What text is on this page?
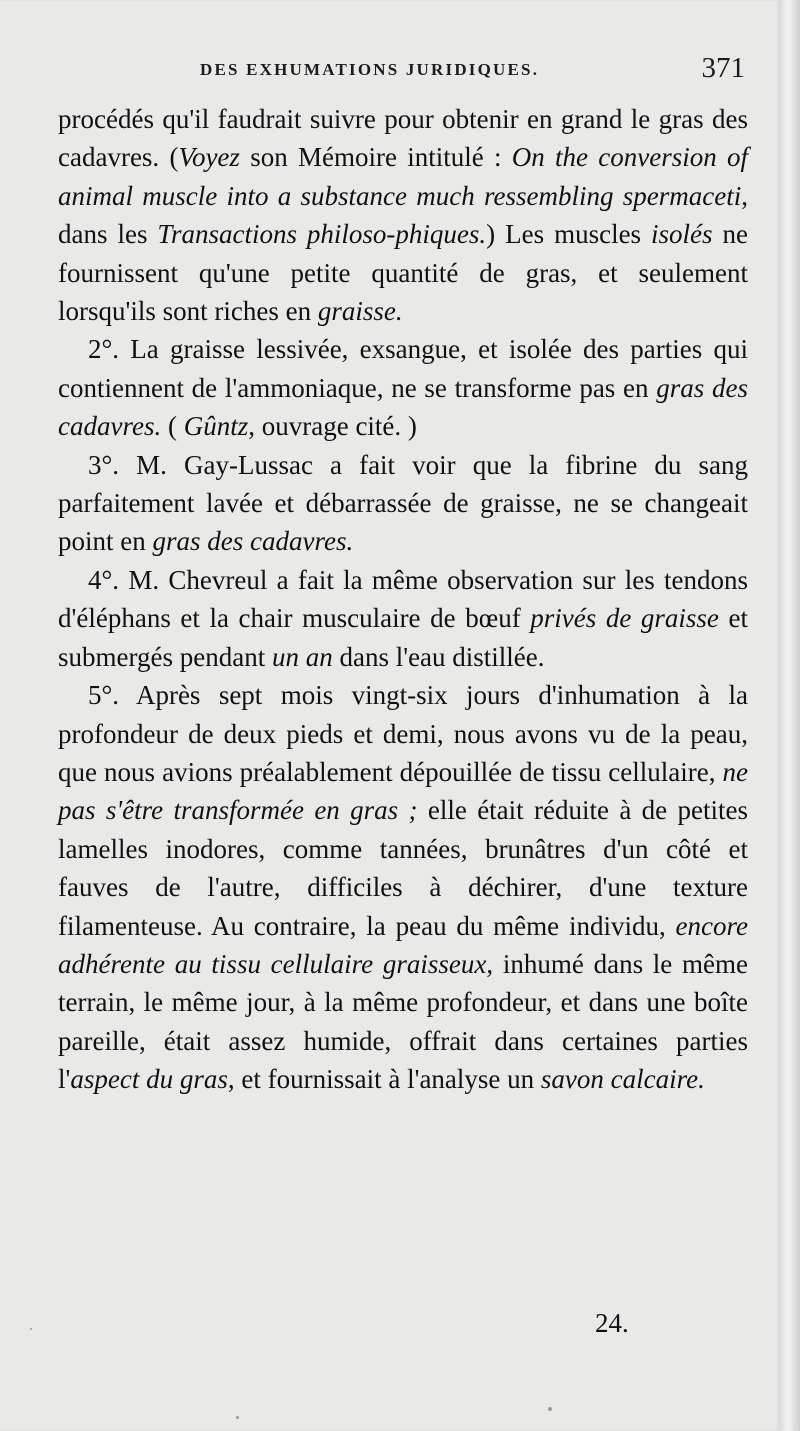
DES EXHUMATIONS JURIDIQUES.	371

procédés qu'il faudrait suivre pour obtenir en grand le gras des cadavres. (Voyez son Mémoire intitulé : On the conversion of animal muscle into a substance much ressembling spermaceti, dans les Transactions philoso-phiques.) Les muscles isolés ne fournissent qu'une petite quantité de gras, et seulement lorsqu'ils sont riches en graisse.

2°. La graisse lessivée, exsangue, et isolée des parties qui contiennent de l'ammoniaque, ne se transforme pas en gras des cadavres. ( Gûntz, ouvrage cité. )

3°. M. Gay-Lussac a fait voir que la fibrine du sang parfaitement lavée et débarrassée de graisse, ne se changeait point en gras des cadavres.

4°. M. Chevreul a fait la même observation sur les tendons d'éléphans et la chair musculaire de bœuf privés de graisse et submergés pendant un an dans l'eau distillée.

5°. Après sept mois vingt-six jours d'inhumation à la profondeur de deux pieds et demi, nous avons vu de la peau, que nous avions préalablement dépouillée de tissu cellulaire, ne pas s'être transformée en gras ; elle était réduite à de petites lamelles inodores, comme tannées, brunâtres d'un côté et fauves de l'autre, difficiles à déchirer, d'une texture filamenteuse. Au contraire, la peau du même individu, encore adhérente au tissu cellulaire graisseux, inhumé dans le même terrain, le même jour, à la même profondeur, et dans une boîte pareille, était assez humide, offrait dans certaines parties l'aspect du gras, et fournissait à l'analyse un savon calcaire.

24.
